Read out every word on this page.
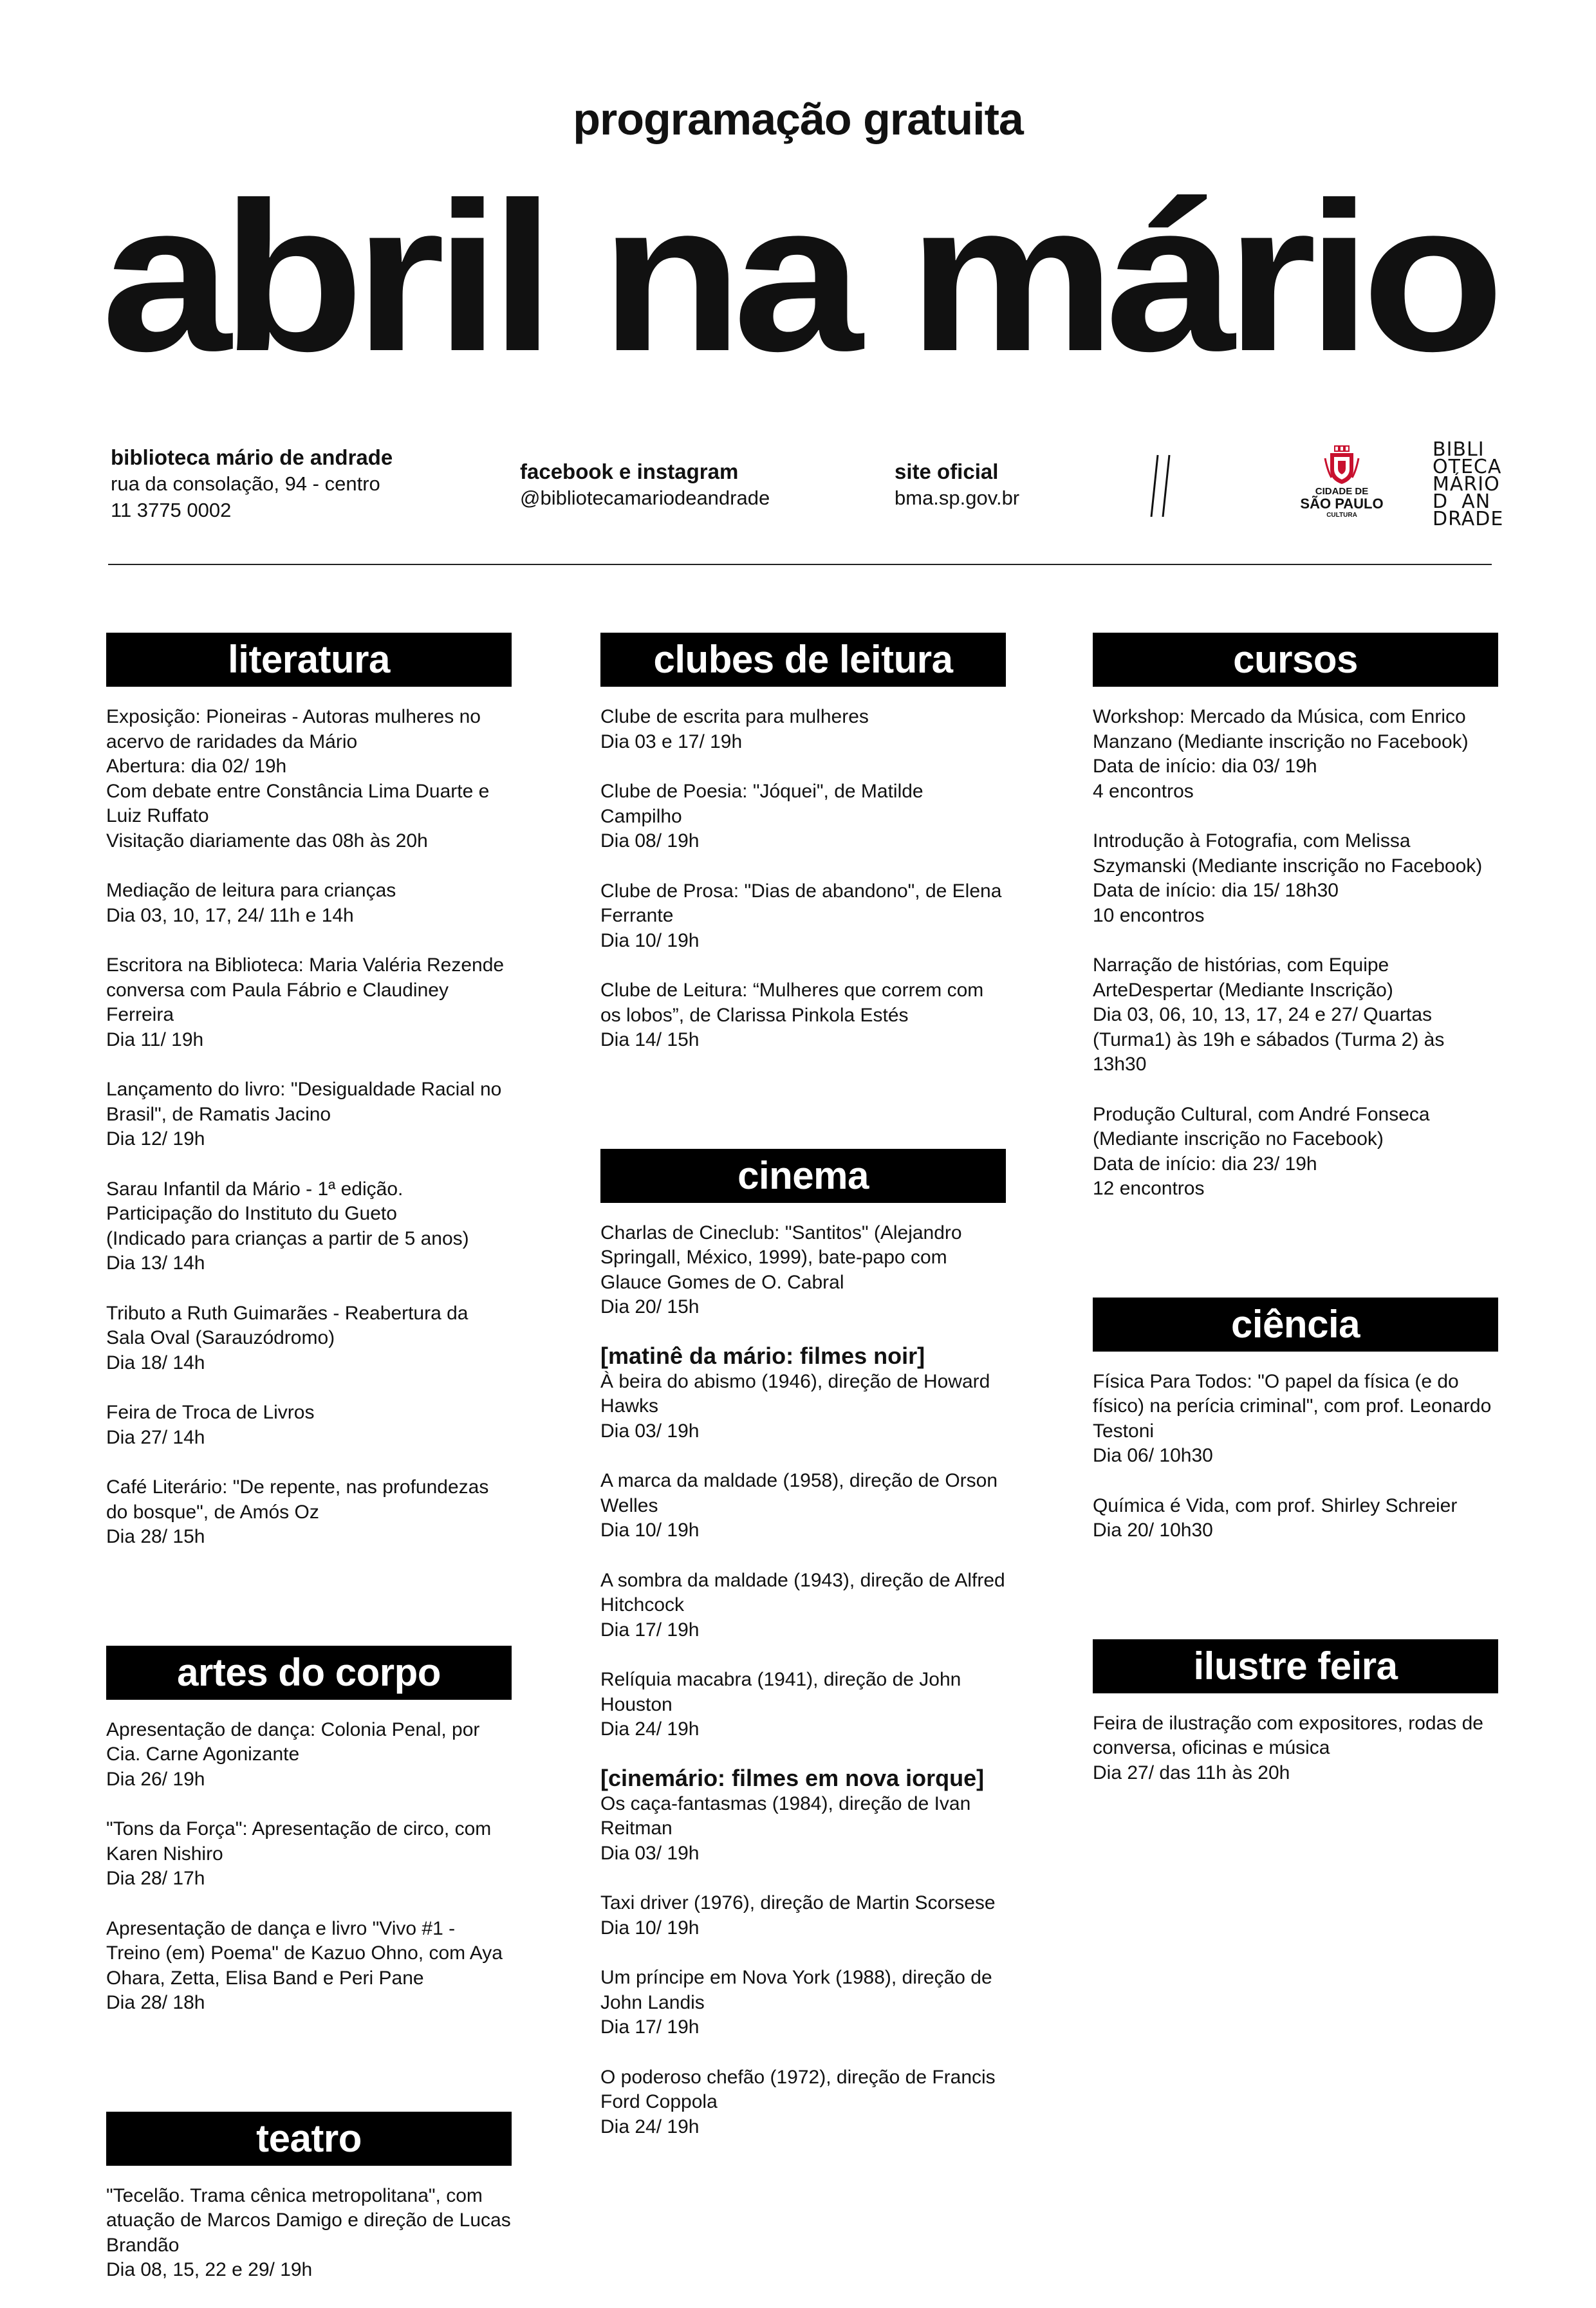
programação gratuita
abril na mário
biblioteca mário de andrade
rua da consolação, 94 - centro
11 3775 0002
facebook e instagram
@bibliotecamariodeandrade
site oficial
bma.sp.gov.br	CIDADE DE
SÃO PAULO
CULTURA
BIBLI
OTECA
MÁRIO
D  AN
DRADE
literatura
Exposição: Pioneiras - Autoras mulheres no acervo de raridades da Mário
Abertura: dia 02/ 19h
Com debate entre Constância Lima Duarte e Luiz Ruffato
Visitação diariamente das 08h às 20h
Mediação de leitura para crianças
Dia 03, 10, 17, 24/ 11h e 14h
Escritora na Biblioteca: Maria Valéria Rezende conversa com Paula Fábrio e Claudiney Ferreira
Dia 11/ 19h
Lançamento do livro: "Desigualdade Racial no Brasil", de Ramatis Jacino
Dia 12/ 19h
Sarau Infantil da Mário - 1ª edição. Participação do Instituto du Gueto
(Indicado para crianças a partir de 5 anos)
Dia 13/ 14h
Tributo a Ruth Guimarães - Reabertura da Sala Oval (Sarauzódromo)
Dia 18/ 14h
Feira de Troca de Livros
Dia 27/ 14h
Café Literário: "De repente, nas profundezas do bosque", de Amós Oz
Dia 28/ 15h
artes do corpo
Apresentação de dança: Colonia Penal, por Cia. Carne Agonizante
Dia 26/ 19h
"Tons da Força": Apresentação de circo, com Karen Nishiro
Dia 28/ 17h
Apresentação de dança e livro "Vivo #1 - Treino (em) Poema" de Kazuo Ohno, com Aya Ohara, Zetta, Elisa Band e Peri Pane
Dia 28/ 18h
teatro
"Tecelão. Trama cênica metropolitana", com atuação de Marcos Damigo e direção de Lucas Brandão
Dia 08, 15, 22 e 29/ 19h
clubes de leitura
Clube de escrita para mulheres
Dia 03 e 17/ 19h
Clube de Poesia: "Jóquei", de Matilde Campilho
Dia 08/ 19h
Clube de Prosa: "Dias de abandono", de Elena Ferrante
Dia 10/ 19h
Clube de Leitura: “Mulheres que correm com os lobos”, de Clarissa Pinkola Estés
Dia 14/ 15h
cinema
Charlas de Cineclub: "Santitos" (Alejandro Springall, México, 1999), bate-papo com Glauce Gomes de O. Cabral
Dia 20/ 15h
[matinê da mário: filmes noir]
À beira do abismo (1946), direção de Howard Hawks
Dia 03/ 19h
A marca da maldade (1958), direção de Orson Welles
Dia 10/ 19h
A sombra da maldade (1943), direção de Alfred Hitchcock
Dia 17/ 19h
Relíquia macabra (1941), direção de John Houston
Dia 24/ 19h
[cinemário: filmes em nova iorque]
Os caça-fantasmas (1984), direção de Ivan Reitman
Dia 03/ 19h
Taxi driver (1976), direção de Martin Scorsese
Dia 10/ 19h
Um príncipe em Nova York (1988), direção de John Landis
Dia 17/ 19h
O poderoso chefão (1972), direção de Francis Ford Coppola
Dia 24/ 19h
cursos
Workshop: Mercado da Música, com Enrico Manzano (Mediante inscrição no Facebook)
Data de início: dia 03/ 19h
4 encontros
Introdução à Fotografia, com Melissa Szymanski (Mediante inscrição no Facebook)
Data de início: dia 15/ 18h30
10 encontros
Narração de histórias, com Equipe ArteDespertar (Mediante Inscrição)
Dia 03, 06, 10, 13, 17, 24 e 27/ Quartas (Turma1) às 19h e sábados (Turma 2) às 13h30
Produção Cultural, com André Fonseca (Mediante inscrição no Facebook)
Data de início: dia 23/ 19h
12 encontros
ciência
Física Para Todos: "O papel da física (e do físico) na perícia criminal", com prof. Leonardo Testoni
Dia 06/ 10h30
Química é Vida, com prof. Shirley Schreier
Dia 20/ 10h30
ilustre feira
Feira de ilustração com expositores, rodas de conversa, oficinas e música
Dia 27/ das 11h às 20h
